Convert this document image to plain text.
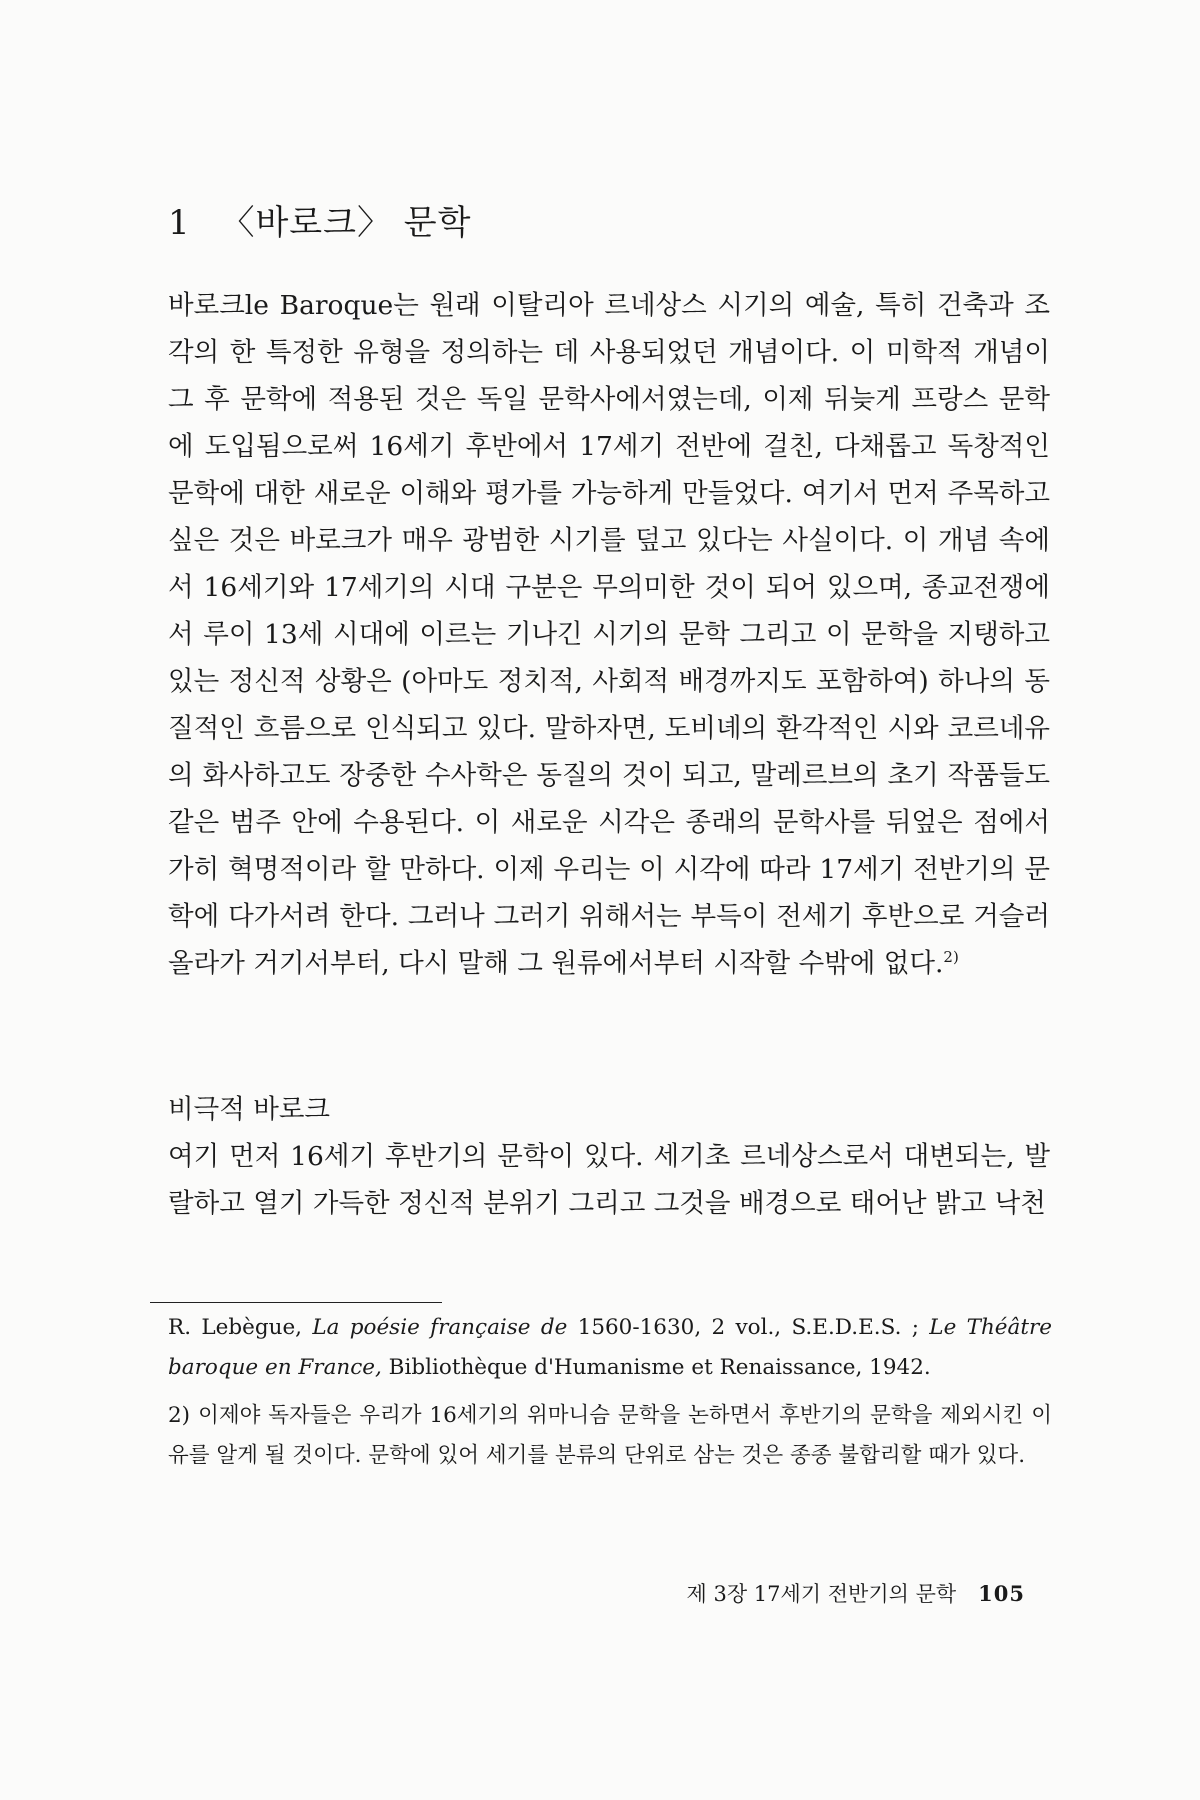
1 〈바로크〉 문학

바로크le Baroque는 원래 이탈리아 르네상스 시기의 예술, 특히 건축과 조각의 한 특정한 유형을 정의하는 데 사용되었던 개념이다. 이 미학적 개념이 그 후 문학에 적용된 것은 독일 문학사에서였는데, 이제 뒤늦게 프랑스 문학에 도입됨으로써 16세기 후반에서 17세기 전반에 걸친, 다채롭고 독창적인 문학에 대한 새로운 이해와 평가를 가능하게 만들었다. 여기서 먼저 주목하고 싶은 것은 바로크가 매우 광범한 시기를 덮고 있다는 사실이다. 이 개념 속에서 16세기와 17세기의 시대 구분은 무의미한 것이 되어 있으며, 종교전쟁에서 루이 13세 시대에 이르는 기나긴 시기의 문학 그리고 이 문학을 지탱하고 있는 정신적 상황은 (아마도 정치적, 사회적 배경까지도 포함하여) 하나의 동질적인 흐름으로 인식되고 있다. 말하자면, 도비녜의 환각적인 시와 코르네유의 화사하고도 장중한 수사학은 동질의 것이 되고, 말레르브의 초기 작품들도 같은 범주 안에 수용된다. 이 새로운 시각은 종래의 문학사를 뒤엎은 점에서 가히 혁명적이라 할 만하다. 이제 우리는 이 시각에 따라 17세기 전반기의 문학에 다가서려 한다. 그러나 그러기 위해서는 부득이 전세기 후반으로 거슬러 올라가 거기서부터, 다시 말해 그 원류에서부터 시작할 수밖에 없다.$^{2)}$

비극적 바로크

여기 먼저 16세기 후반기의 문학이 있다. 세기초 르네상스로서 대변되는, 발랄하고 열기 가득한 정신적 분위기 그리고 그것을 배경으로 태어난 밝고 낙천

R. Lebègue, La poésie française de 1560-1630, 2 vol., S.E.D.E.S. ; Le Théâtre baroque en France, Bibliothèque d'Humanisme et Renaissance, 1942.

2) 이제야 독자들은 우리가 16세기의 위마니슴 문학을 논하면서 후반기의 문학을 제외시킨 이유를 알게 될 것이다. 문학에 있어 세기를 분류의 단위로 삼는 것은 종종 불합리할 때가 있다.

제 3장 17세기 전반기의 문학 105
